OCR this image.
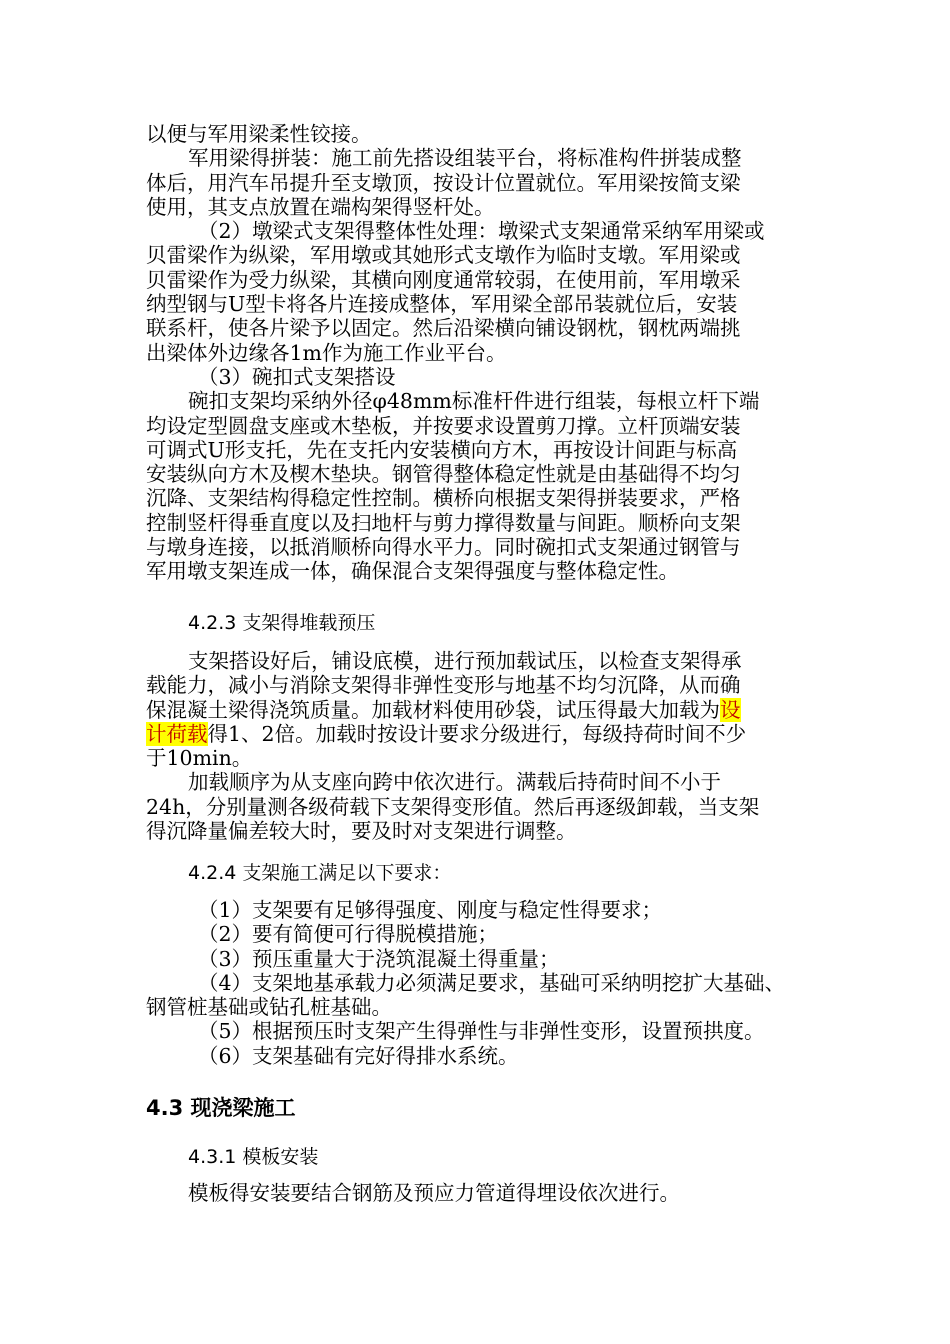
以便与军用梁柔性铰接。
军用梁得拼装：施工前先搭设组装平台，将标准构件拼装成整
体后，用汽车吊提升至支墩顶，按设计位置就位。军用梁按简支梁
使用，其支点放置在端构架得竖杆处。
（2）墩梁式支架得整体性处理：墩梁式支架通常采纳军用梁或
贝雷梁作为纵梁，军用墩或其她形式支墩作为临时支墩。军用梁或
贝雷梁作为受力纵梁，其横向刚度通常较弱，在使用前，军用墩采
纳型钢与U型卡将各片连接成整体，军用梁全部吊装就位后，安装
联系杆，使各片梁予以固定。然后沿梁横向铺设钢枕，钢枕两端挑
出梁体外边缘各1m作为施工作业平台。
（3）碗扣式支架搭设
碗扣支架均采纳外径φ48mm标准杆件进行组装，每根立杆下端
均设定型圆盘支座或木垫板，并按要求设置剪刀撑。立杆顶端安装
可调式U形支托，先在支托内安装横向方木，再按设计间距与标高
安装纵向方木及楔木垫块。钢管得整体稳定性就是由基础得不均匀
沉降、支架结构得稳定性控制。横桥向根据支架得拼装要求，严格
控制竖杆得垂直度以及扫地杆与剪力撑得数量与间距。顺桥向支架
与墩身连接，以抵消顺桥向得水平力。同时碗扣式支架通过钢管与
军用墩支架连成一体，确保混合支架得强度与整体稳定性。
4.2.3 支架得堆载预压
支架搭设好后，铺设底模，进行预加载试压，以检查支架得承
载能力，减小与消除支架得非弹性变形与地基不均匀沉降，从而确
保混凝土梁得浇筑质量。加载材料使用砂袋，试压得最大加载为设
计荷载得1、2倍。加载时按设计要求分级进行，每级持荷时间不少
于10min。
加载顺序为从支座向跨中依次进行。满载后持荷时间不小于
24h，分别量测各级荷载下支架得变形值。然后再逐级卸载，当支架
得沉降量偏差较大时，要及时对支架进行调整。
4.2.4 支架施工满足以下要求：
（1）支架要有足够得强度、刚度与稳定性得要求；
（2）要有简便可行得脱模措施；
（3）预压重量大于浇筑混凝土得重量；
（4）支架地基承载力必须满足要求，基础可采纳明挖扩大基础、
钢管桩基础或钻孔桩基础。
（5）根据预压时支架产生得弹性与非弹性变形，设置预拱度。
（6）支架基础有完好得排水系统。
4.3 现浇梁施工
4.3.1 模板安装
模板得安装要结合钢筋及预应力管道得埋设依次进行。
